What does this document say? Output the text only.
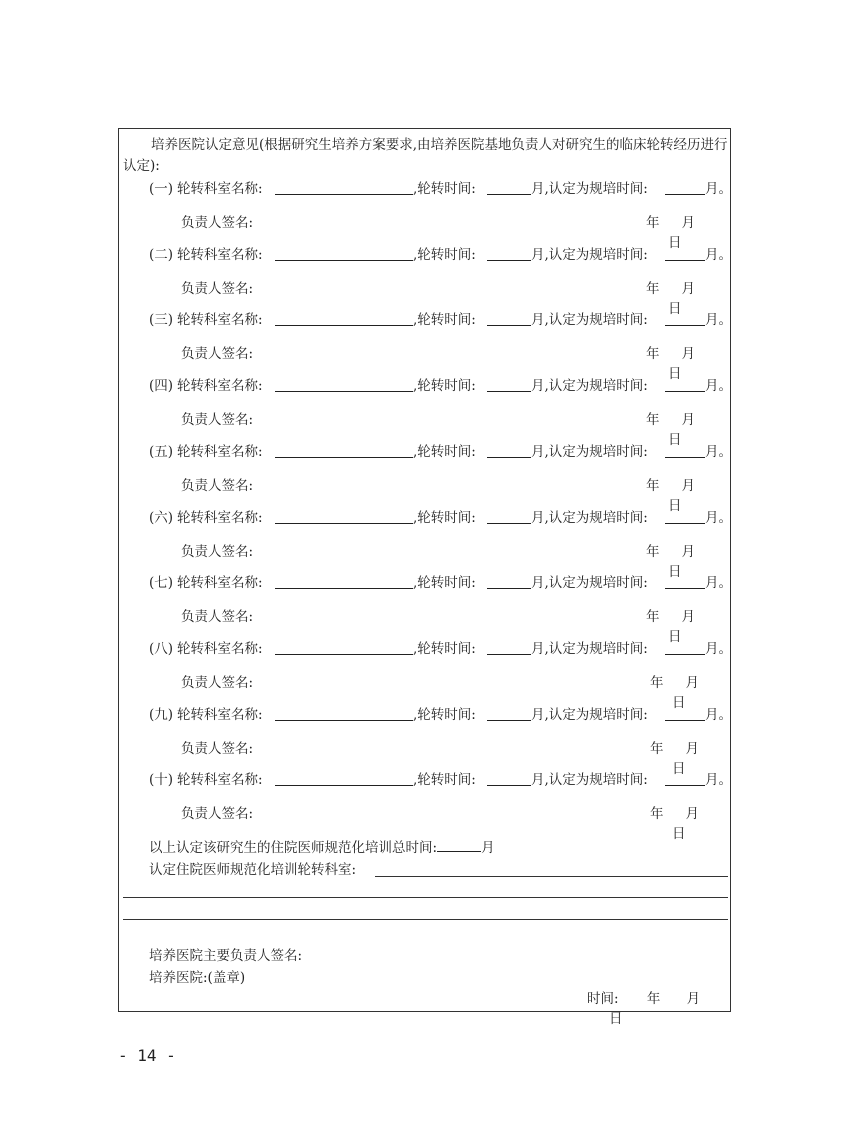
培养医院认定意见(根据研究生培养方案要求,由培养医院基地负责人对研究生的临床轮转经历进行认定):
(一) 轮转科室名称:	,轮转时间:	月,认定为规培时间:	月。
负责人签名:	年 月日
(二) 轮转科室名称:	,轮转时间:	月,认定为规培时间:	月。
负责人签名:	年 月日
(三) 轮转科室名称:	,轮转时间:	月,认定为规培时间:	月。
负责人签名:	年 月日
(四) 轮转科室名称:	,轮转时间:	月,认定为规培时间:	月。
负责人签名:	年 月日
(五) 轮转科室名称:	,轮转时间:	月,认定为规培时间:	月。
负责人签名:	年 月日
(六) 轮转科室名称:	,轮转时间:	月,认定为规培时间:	月。
负责人签名:	年 月日
(七) 轮转科室名称:	,轮转时间:	月,认定为规培时间:	月。
负责人签名:	年 月日
(八) 轮转科室名称:	,轮转时间:	月,认定为规培时间:	月。
负责人签名:	年 月日
(九) 轮转科室名称:	,轮转时间:	月,认定为规培时间:	月。
负责人签名:	年 月日
(十) 轮转科室名称:	,轮转时间:	月,认定为规培时间:	月。
负责人签名:	年 月日
以上认定该研究生的住院医师规范化培训总时间:	月
认定住院医师规范化培训轮转科室:
培养医院主要负责人签名:
培养医院:(盖章)
时间: 年 月 日
- 14 -
